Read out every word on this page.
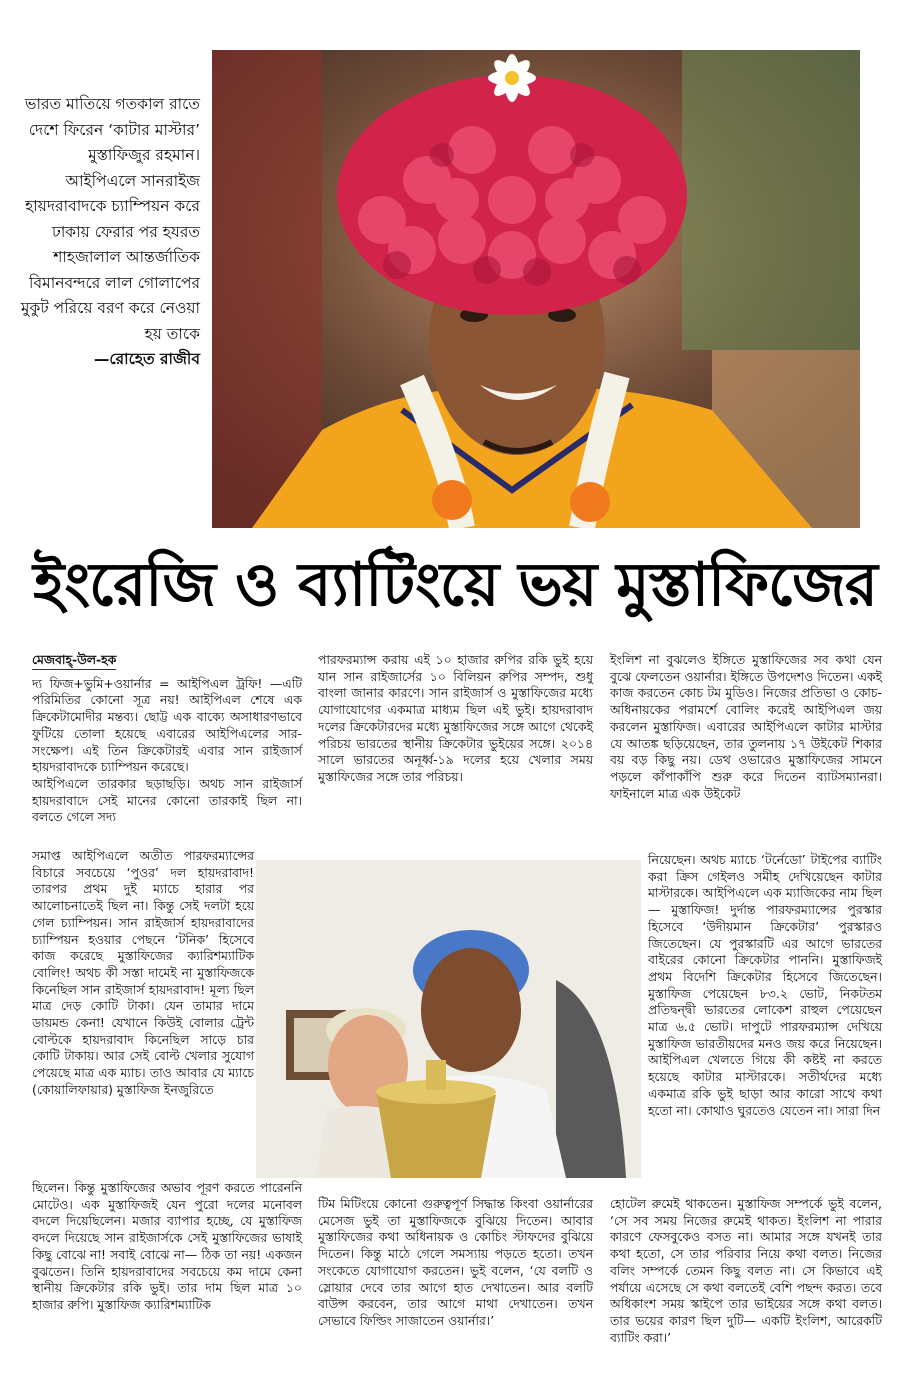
ভারত মাতিয়ে গতকাল রাতে দেশে ফিরেন ‘কাটার মাস্টার’ মুস্তাফিজুর রহমান। আইপিএলে সানরাইজ হায়দরাবাদকে চ্যাম্পিয়ন করে ঢাকায় ফেরার পর হযরত শাহজালাল আন্তর্জাতিক বিমানবন্দরে লাল গোলাপের মুকুট পরিয়ে বরণ করে নেওয়া হয় তাকে
—রোহেত রাজীব
ইংরেজি ও ব্যাটিংয়ে ভয় মুস্তাফিজের
মেজবাহ্-উল-হক

দ্য ফিজ+ভুমি+ওয়ার্নার = আইপিএল ট্রফি! —এটি পরিমিতির কোনো সূত্র নয়! আইপিএল শেষে এক ক্রিকেটামোদীর মন্তব্য। ছোট্ট এক বাক্যে অসাধারণভাবে ফুটিয়ে তোলা হয়েছে এবারের আইপিএলের সার-সংক্ষেপ। এই তিন ক্রিকেটারই এবার সান রাইজার্স হায়দরাবাদকে চ্যাম্পিয়ন করেছে।

আইপিএলে তারকার ছড়াছড়ি। অথচ সান রাইজার্স হায়দরাবাদে সেই মানের কোনো তারকাই ছিল না। বলতে গেলে সদ্য

সমাপ্ত আইপিএলে অতীত পারফরম্যান্সের বিচারে সবচেয়ে ‘পুওর’ দল হায়দরাবাদ! তারপর প্রথম দুই ম্যাচে হারার পর আলোচনাতেই ছিল না। কিন্তু সেই দলটা হয়ে গেল চ্যাম্পিয়ন। সান রাইজার্স হায়দরাবাদের চ্যাম্পিয়ন হওয়ার পেছনে ‘টনিক’ হিসেবে কাজ করেছে মুস্তাফিজের ক্যারিশম্যাটিক বোলিং! অথচ কী সস্তা দামেই না মুস্তাফিজকে কিনেছিল সান রাইজার্স হায়দরাবাদ! মূল্য ছিল মাত্র দেড় কোটি টাকা। যেন তামার দামে ডায়মন্ড কেনা! যেখানে কিউই বোলার ট্রেন্ট বোল্টকে হায়দরাবাদ কিনেছিল সাড়ে চার কোটি টাকায়। আর সেই বোল্ট খেলার সুযোগ পেয়েছে মাত্র এক ম্যাচ। তাও আবার যে ম্যাচে (কোয়ালিফায়ার) মুস্তাফিজ ইনজুরিতে

ছিলেন। কিন্তু মুস্তাফিজের অভাব পূরণ করতে পারেননি মোটেও। এক মুস্তাফিজই যেন পুরো দলের মনোবল বদলে দিয়েছিলেন। মজার ব্যাপার হচ্ছে, যে মুস্তাফিজ বদলে দিয়েছে সান রাইজার্সকে সেই মুস্তাফিজের ভাষাই কিছু বোঝে না! সবাই বোঝে না— ঠিক তা নয়! একজন বুঝতেন। তিনি হায়দরাবাদের সবচেয়ে কম দামে কেনা স্থানীয় ক্রিকেটার রকি ভুই। তার দাম ছিল মাত্র ১০ হাজার রুপি। মুস্তাফিজ ক্যারিশম্যাটিক

পারফরম্যান্স করায় এই ১০ হাজার রুপির রকি ভুই হয়ে যান সান রাইজার্সের ১০ বিলিয়ন রুপির সম্পদ, শুধু বাংলা জানার কারণে। সান রাইজার্স ও মুস্তাফিজের মধ্যে যোগাযোগের একমাত্র মাধ্যম ছিল এই ভুই। হায়দরাবাদ দলের ক্রিকেটারদের মধ্যে মুস্তাফিজের সঙ্গে আগে থেকেই পরিচয় ভারতের স্থানীয় ক্রিকেটার ভুইয়ের সঙ্গে। ২০১৪ সালে ভারতের অনূর্ধ্ব-১৯ দলের হয়ে খেলার সময় মুস্তাফিজের সঙ্গে তার পরিচয়।

টিম মিটিংয়ে কোনো গুরুত্বপূর্ণ সিদ্ধান্ত কিংবা ওয়ার্নারের মেসেজ ভুই তা মুস্তাফিজকে বুঝিয়ে দিতেন। আবার মুস্তাফিজের কথা অধিনায়ক ও কোচিং স্টাফদের বুঝিয়ে দিতেন। কিন্তু মাঠে গেলে সমস্যায় পড়তে হতো। তখন সংকেতে যোগাযোগ করতেন। ভুই বলেন, ‘যে বলটি ও স্লোয়ার দেবে তার আগে হাত দেখাতেন। আর বলটি বাউন্স করবেন, তার আগে মাথা দেখাতেন। তখন সেভাবে ফিল্ডিং সাজাতেন ওয়ার্নার।’

ইংলিশ না বুঝলেও ইঙ্গিতে মুস্তাফিজের সব কথা যেন বুঝে ফেলতেন ওয়ার্নার। ইঙ্গিতে উপদেশও দিতেন। একই কাজ করতেন কোচ টম মুডিও। নিজের প্রতিভা ও কোচ-অধিনায়কের পরামর্শে বোলিং করেই আইপিএল জয় করলেন মুস্তাফিজ। এবারের আইপিএলে কাটার মাস্টার যে আতঙ্ক ছড়িয়েছেন, তার তুলনায় ১৭ উইকেট শিকার বয় বড় কিছু নয়। ডেথ ওভারেও মুস্তাফিজের সামনে পড়লে কাঁপাকাঁপি শুরু করে দিতেন ব্যাটসম্যানরা। ফাইনালে মাত্র এক উইকেট

নিয়েছেন। অথচ ম্যাচে ‘টর্নেডো’ টাইপের ব্যাটিং করা ক্রিস গেইলও সমীহ দেখিয়েছেন কাটার মাস্টারকে। আইপিএলে এক ম্যাজিকের নাম ছিল— মুস্তাফিজ! দুর্দান্ত পারফরম্যান্সের পুরস্কার হিসেবে ‘উদীয়মান ক্রিকেটার’ পুরস্কারও জিতেছেন। যে পুরস্কারটি এর আগে ভারতের বাইরের কোনো ক্রিকেটার পাননি। মুস্তাফিজই প্রথম বিদেশি ক্রিকেটার হিসেবে জিতেছেন। মুস্তাফিজ পেয়েছেন ৮৩.২ ভোট, নিকটতম প্রতিদ্বন্দ্বী ভারতের লোকেশ রাহুল পেয়েছেন মাত্র ৬.৫ ভোট। দাপুটে পারফরম্যান্স দেখিয়ে মুস্তাফিজ ভারতীয়দের মনও জয় করে নিয়েছেন। আইপিএল খেলতে গিয়ে কী কষ্টই না করতে হয়েছে কাটার মাস্টারকে। সতীর্থদের মধ্যে একমাত্র রকি ভুই ছাড়া আর কারো সাথে কথা হতো না। কোথাও ঘুরতেও যেতেন না। সারা দিন

হোটেল রুমেই থাকতেন। মুস্তাফিজ সম্পর্কে ভুই বলেন, ‘সে সব সময় নিজের রুমেই থাকত। ইংলিশ না পারার কারণে ফেসবুকেও বসত না। আমার সঙ্গে যখনই তার কথা হতো, সে তার পরিবার নিয়ে কথা বলত। নিজের বলিং সম্পর্কে তেমন কিছু বলত না। সে কিভাবে এই পর্যায়ে এসেছে সে কথা বলতেই বেশি পছন্দ করত। তবে অধিকাংশ সময় স্কাইপে তার ভাইয়ের সঙ্গে কথা বলত। তার ভয়ের কারণ ছিল দুটি— একটি ইংলিশ, আরেকটি ব্যাটিং করা।’
